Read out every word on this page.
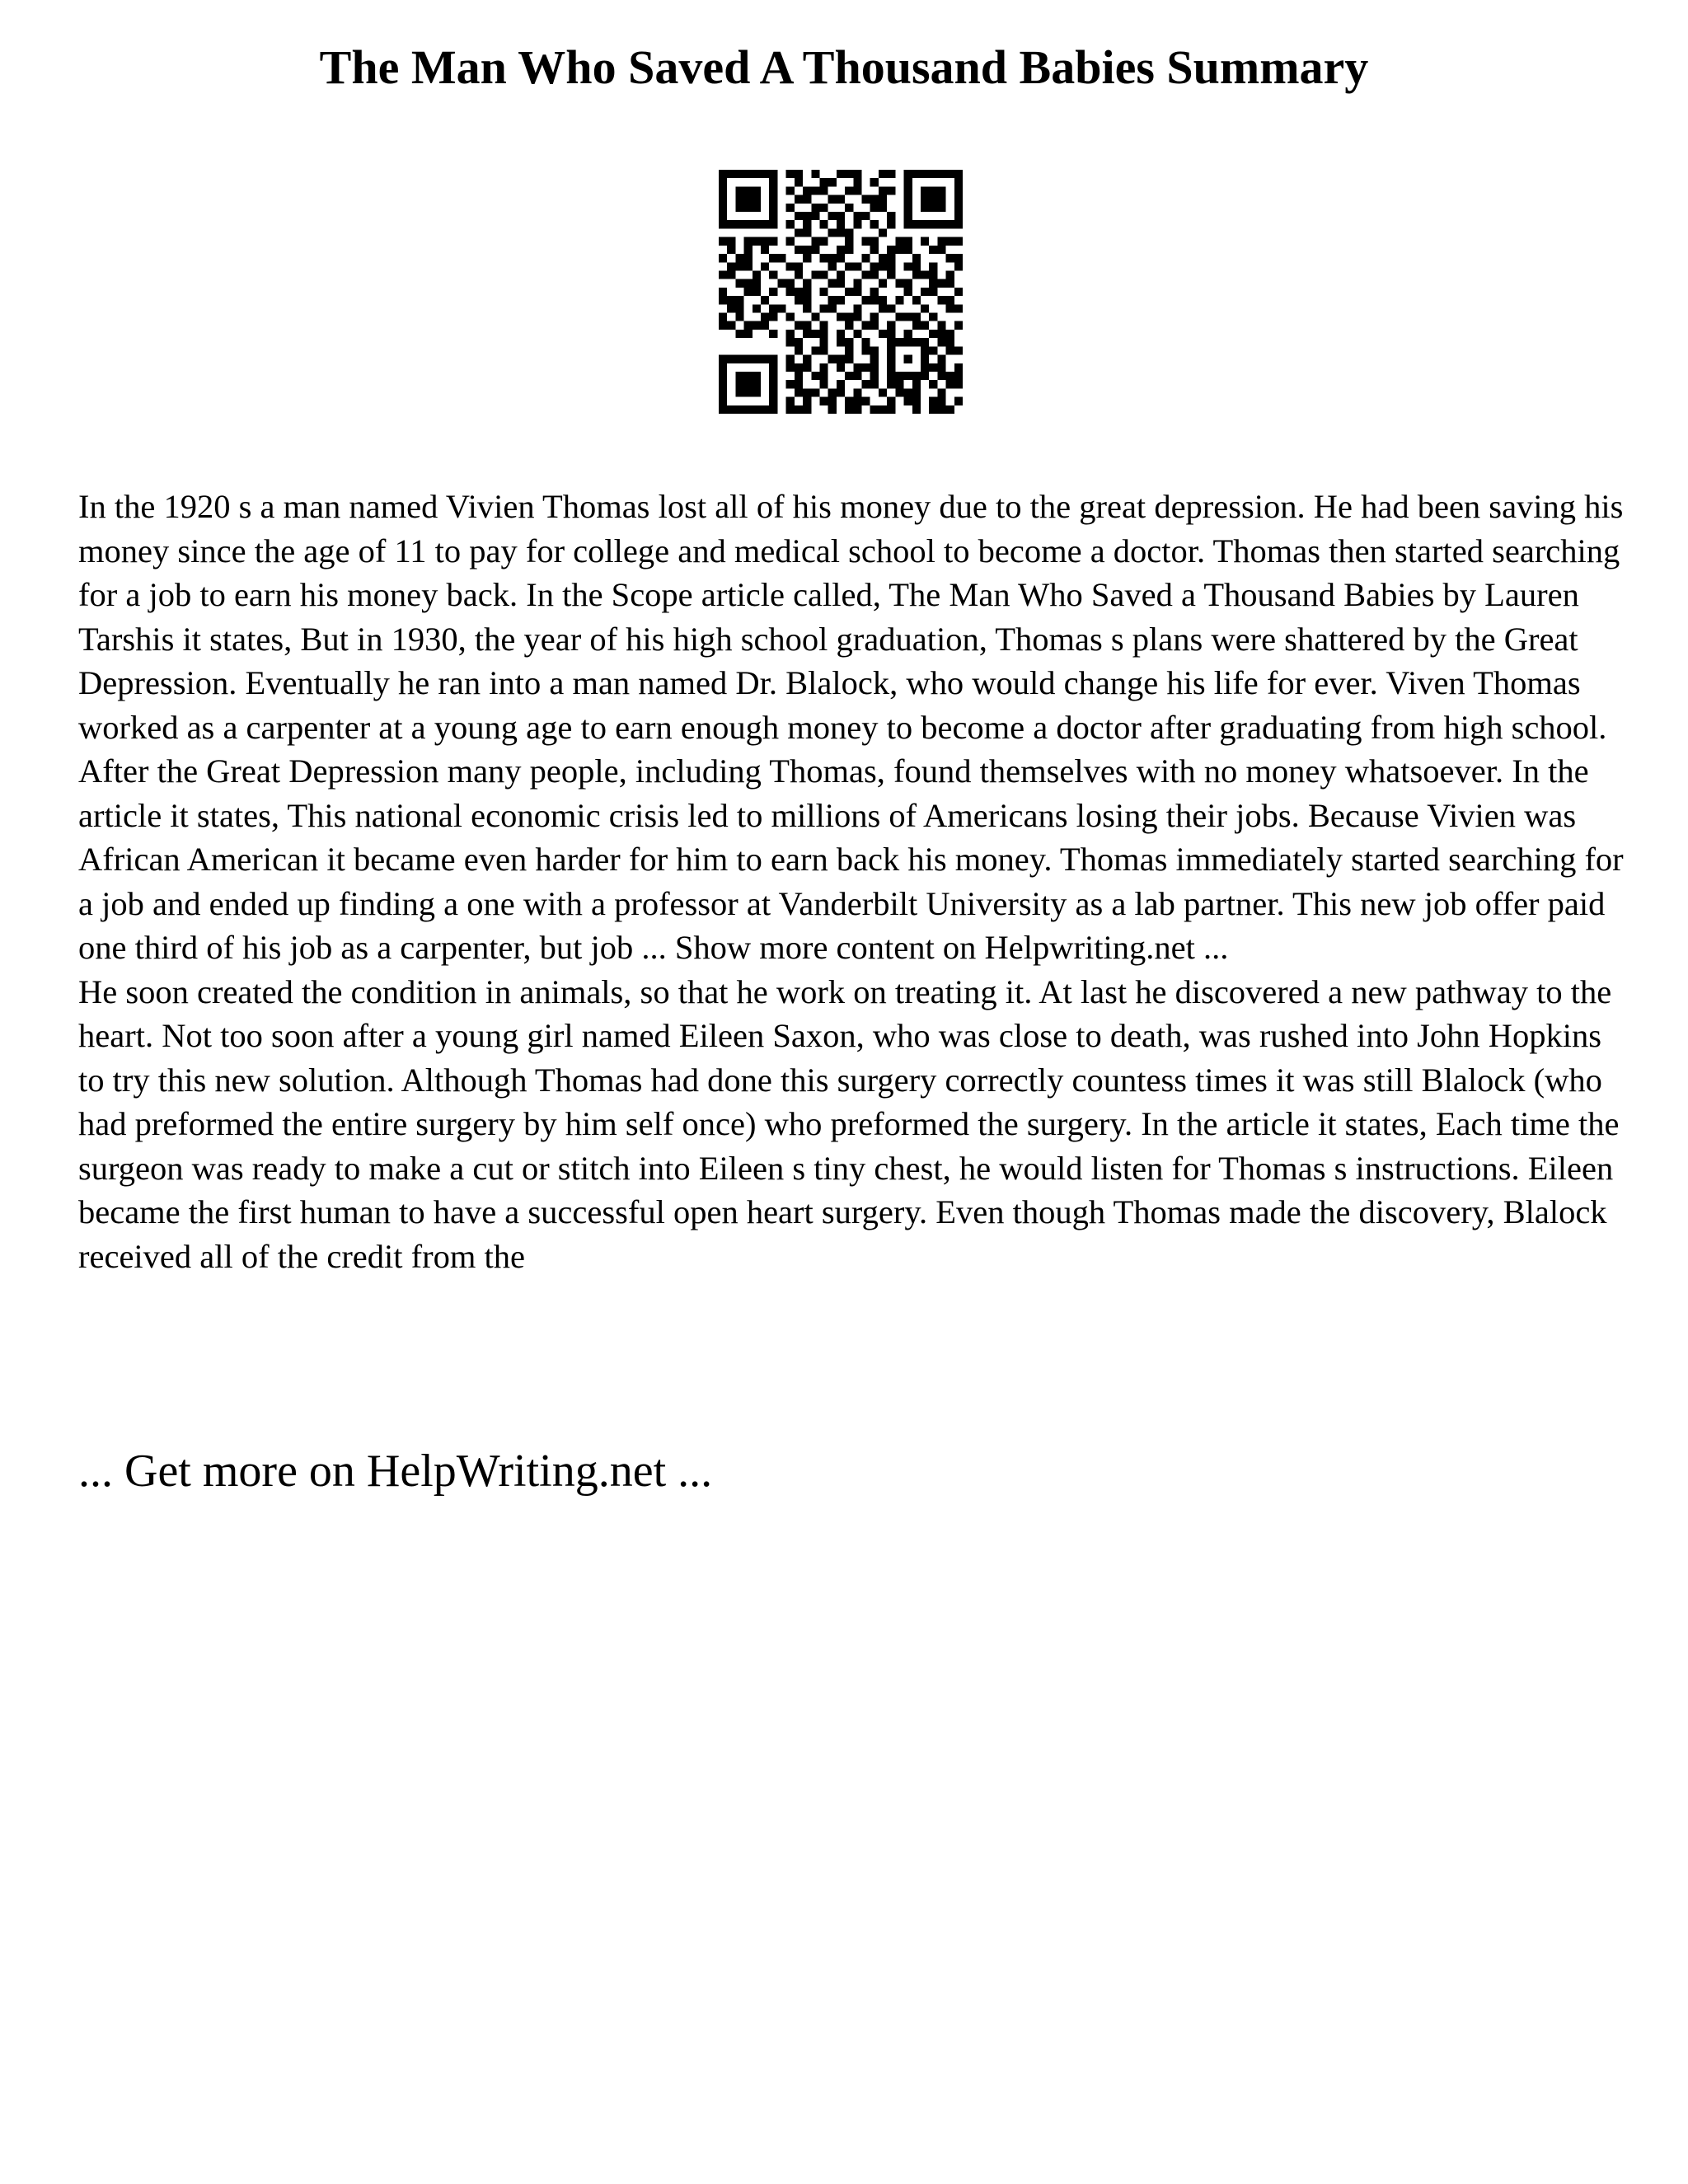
The Man Who Saved A Thousand Babies Summary

In the 1920 s a man named Vivien Thomas lost all of his money due to the great depression. He had been saving his money since the age of 11 to pay for college and medical school to become a doctor. Thomas then started searching for a job to earn his money back. In the Scope article called, The Man Who Saved a Thousand Babies by Lauren Tarshis it states, But in 1930, the year of his high school graduation, Thomas s plans were shattered by the Great Depression. Eventually he ran into a man named Dr. Blalock, who would change his life for ever. Viven Thomas worked as a carpenter at a young age to earn enough money to become a doctor after graduating from high school. After the Great Depression many people, including Thomas, found themselves with no money whatsoever. In the article it states, This national economic crisis led to millions of Americans losing their jobs. Because Vivien was African American it became even harder for him to earn back his money. Thomas immediately started searching for a job and ended up finding a one with a professor at Vanderbilt University as a lab partner. This new job offer paid one third of his job as a carpenter, but job ... Show more content on Helpwriting.net ...

He soon created the condition in animals, so that he work on treating it. At last he discovered a new pathway to the heart. Not too soon after a young girl named Eileen Saxon, who was close to death, was rushed into John Hopkins to try this new solution. Although Thomas had done this surgery correctly countess times it was still Blalock (who had preformed the entire surgery by him self once) who preformed the surgery. In the article it states, Each time the surgeon was ready to make a cut or stitch into Eileen s tiny chest, he would listen for Thomas s instructions. Eileen became the first human to have a successful open heart surgery. Even though Thomas made the discovery, Blalock received all of the credit from the

... Get more on HelpWriting.net ...
